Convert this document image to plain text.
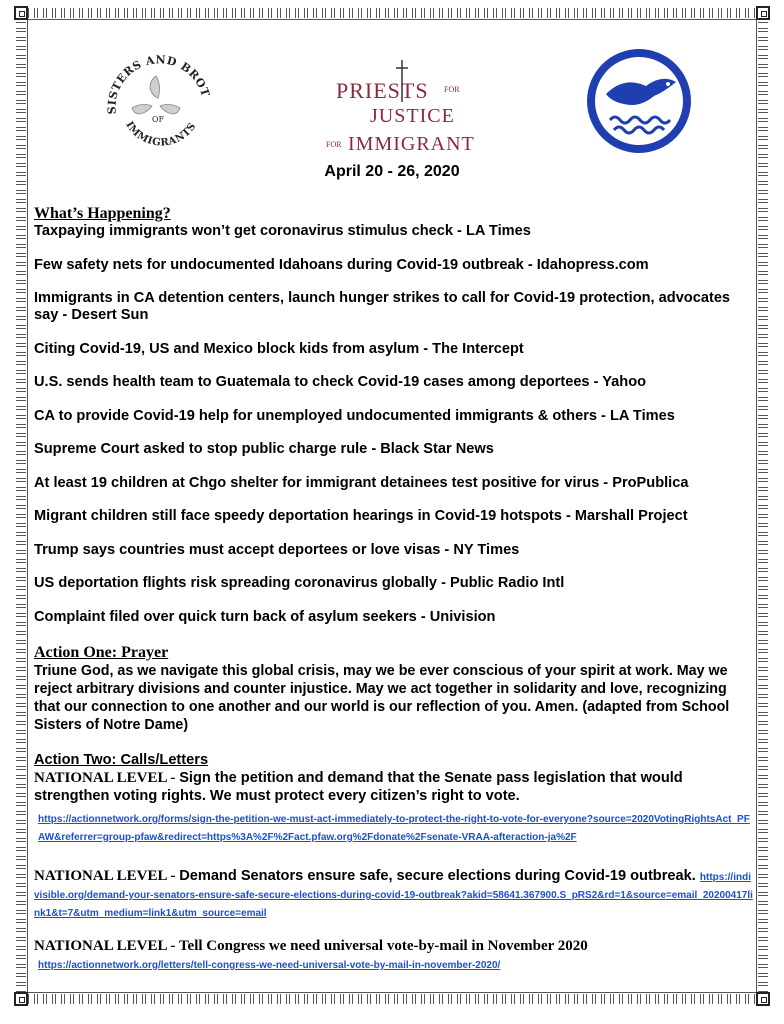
SISTERS AND BROT
OF
IMMIGRANTS
PRIESTS FOR
JUSTICE
FOR IMMIGRANTS
April 20 - 26, 2020
What’s Happening?
Taxpaying immigrants won’t get coronavirus stimulus check - LA Times
Few safety nets for undocumented Idahoans during Covid-19 outbreak - Idahopress.com
Immigrants in CA detention centers, launch hunger strikes to call for Covid-19 protection, advocates say - Desert Sun
Citing Covid-19, US and Mexico block kids from asylum - The Intercept
U.S. sends health team to Guatemala to check Covid-19 cases among deportees - Yahoo
CA to provide Covid-19 help for unemployed undocumented immigrants & others - LA Times
Supreme Court asked to stop public charge rule - Black Star News
At least 19 children at Chgo shelter for immigrant detainees test positive for virus - ProPublica
Migrant children still face speedy deportation hearings in Covid-19 hotspots - Marshall Project
Trump says countries must accept deportees or love visas - NY Times
US deportation flights risk spreading coronavirus globally - Public Radio Intl
Complaint filed over quick turn back of asylum seekers - Univision
Action One: Prayer

Triune God, as we navigate this global crisis, may we be ever conscious of your spirit at work. May we reject arbitrary divisions and counter injustice. May we act together in solidarity and love, recognizing that our connection to one another and our world is our reflection of you. Amen. (adapted from School Sisters of Notre Dame)

Action Two: Calls/Letters
NATIONAL LEVEL - Sign the petition and demand that the Senate pass legislation that would strengthen voting rights. We must protect every citizen’s right to vote.
https://actionnetwork.org/forms/sign-the-petition-we-must-act-immediately-to-protect-the-right-to-vote-for-everyone?source=2020VotingRightsAct_PFAW&referrer=group-pfaw&redirect=https%3A%2F%2Fact.pfaw.org%2Fdonate%2Fsenate-VRAA-afteraction-ja%2F
NATIONAL LEVEL - Demand Senators ensure safe, secure elections during Covid-19 outbreak. https://indivisible.org/demand-your-senators-ensure-safe-secure-elections-during-covid-19-outbreak?akid=58641.367900.S_pRS2&rd=1&source=email_20200417link1&t=7&utm_medium=link1&utm_source=email
NATIONAL LEVEL - Tell Congress we need universal vote-by-mail in November 2020
https://actionnetwork.org/letters/tell-congress-we-need-universal-vote-by-mail-in-november-2020/
